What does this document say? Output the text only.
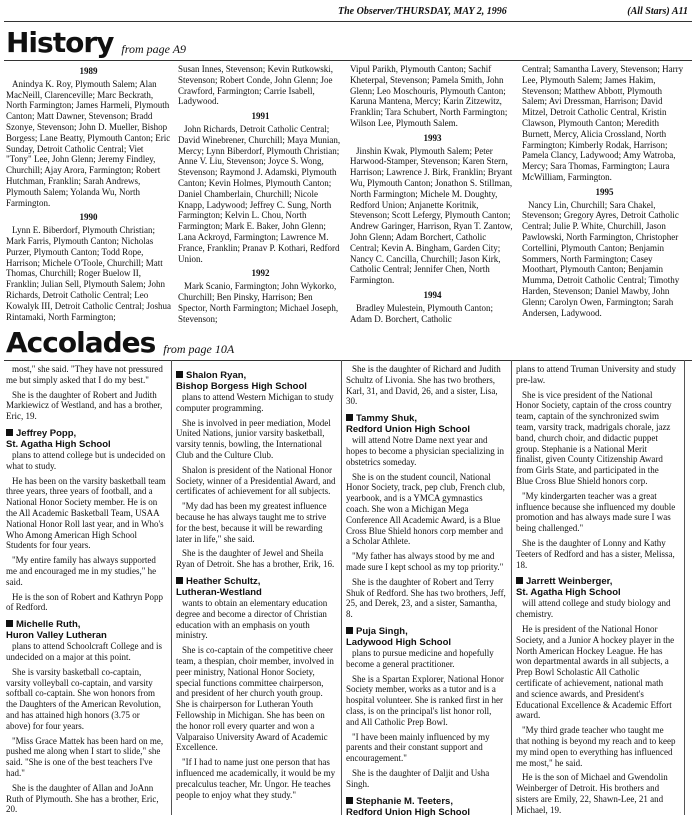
The Observer/THURSDAY, MAY 2, 1996	(All Stars) A11
History from page A9
1989

Anindya K. Roy, Plymouth Salem; Alan MacNeill, Clarenceville; Marc Beckrath, North Farmington; James Harmeli, Plymouth Canton; Matt Dawner, Stevenson; Bradd Szonye, Stevenson; John D. Mueller, Bishop Borgess; Lane Beatty, Plymouth Canton; Eric Sunday, Detroit Catholic Central; Viet "Tony" Lee, John Glenn; Jeremy Findley, Churchill; Ajay Arora, Farmington; Robert Hutchman, Franklin; Sarah Andrews, Plymouth Salem; Yolanda Wu, North Farmington.

1990

Lynn E. Biberdorf, Plymouth Christian; Mark Farris, Plymouth Canton; Nicholas Purzer, Plymouth Canton; Todd Rope, Harrison; Michele O'Toole, Churchill; Matt Thomas, Churchill; Roger Buelow II, Franklin; Julian Sell, Plymouth Salem; John Richards, Detroit Catholic Central; Leo Kowalyk III, Detroit Catholic Central; Joshua Rintamaki, North Farmington;

Susan Innes, Stevenson; Kevin Rutkowski, Stevenson; Robert Conde, John Glenn; Joe Crawford, Farmington; Carrie Isabell, Ladywood.

1991

John Richards, Detroit Catholic Central; David Winebrener, Churchill; Maya Munian, Mercy; Lynn Biberdorf, Plymouth Christian; Anne V. Liu, Stevenson; Joyce S. Wong, Stevenson; Raymond J. Adamski, Plymouth Canton; Kevin Holmes, Plymouth Canton; Daniel Chamberlain, Churchill; Nicole Knapp, Ladywood; Jeffrey C. Sung, North Farmington; Kelvin L. Chou, North Farmington; Mark E. Baker, John Glenn; Lana Ackroyd, Farmington; Lawrence M. France, Franklin; Pranav P. Kothari, Redford Union.

1992

Mark Scanio, Farmington; John Wykorko, Churchill; Ben Pinsky, Harrison; Ben Spector, North Farmington; Michael Joseph, Stevenson;

Vipul Parikh, Plymouth Canton; Sachif Kheterpal, Stevenson; Pamela Smith, John Glenn; Leo Moschouris, Plymouth Canton; Karuna Mantena, Mercy; Karin Zitzewitz, Franklin; Tara Schubert, North Farmington; Wilson Lee, Plymouth Salem.

1993

Jinshin Kwak, Plymouth Salem; Peter Harwood-Stamper, Stevenson; Karen Stern, Harrison; Lawrence J. Birk, Franklin; Bryant Wu, Plymouth Canton; Jonathon S. Stillman, North Farmington; Michele M. Doughty, Redford Union; Anjanette Koritnik, Stevenson; Scott Lefergy, Plymouth Canton; Andrew Garinger, Harrison, Ryan T. Zantow, John Glenn; Adam Borchert, Catholic Central; Kevin A. Bingham, Garden City; Nancy C. Cancilla, Churchill; Jason Kirk, Catholic Central; Jennifer Chen, North Farmington.

1994

Bradley Mulestein, Plymouth Canton; Adam D. Borchert, Catholic

Central; Samantha Lavery, Stevenson; Harry Lee, Plymouth Salem; James Hakim, Stevenson; Matthew Abbott, Plymouth Salem; Avi Dressman, Harrison; David Mitzel, Detroit Catholic Central, Kristin Clawson, Plymouth Canton; Meredith Burnett, Mercy, Alicia Crossland, North Farmington; Kimberly Rodak, Harrison; Pamela Clancy, Ladywood; Amy Watroba, Mercy; Sara Thomas, Farmington; Laura McWilliam, Farmington.

1995

Nancy Lin, Churchill; Sara Chakel, Stevenson; Gregory Ayres, Detroit Catholic Central; Julie P. White, Churchill, Jason Pawlowski, North Farmington, Christopher Cortellini, Plymouth Canton; Benjamin Sommers, North Farmington; Casey Moothart, Plymouth Canton; Benjamin Mumma, Detroit Catholic Central; Timothy Harden, Stevenson; Daniel Mawby, John Glenn; Carolyn Owen, Farmington; Sarah Andersen, Ladywood.

Accolades from page 10A

most," she said. "They have not pressured me but simply asked that I do my best."

She is the daughter of Robert and Judith Markiewicz of Westland, and has a brother, Eric, 19.

Jeffrey Popp,
St. Agatha High School

plans to attend college but is undecided on what to study.

He has been on the varsity basketball team three years, three years of football, and a National Honor Society member. He is on the All Academic Basketball Team, USAA National Honor Roll last year, and in Who's Who Among American High School Students for four years.

"My entire family has always supported me and encouraged me in my studies," he said.

He is the son of Robert and Kathryn Popp of Redford.

Michelle Ruth,
Huron Valley Lutheran

plans to attend Schoolcraft College and is undecided on a major at this point.

She is varsity basketball co-captain, varsity volleyball co-captain, and varsity softball co-captain. She won honors from the Daughters of the American Revolution, and has attained high honors (3.75 or above) for four years.

"Miss Grace Mattek has been hard on me, pushed me along when I start to slide," she said. "She is one of the best teachers I've had."

She is the daughter of Allan and JoAnn Ruth of Plymouth. She has a brother, Eric, 20.

Shalon Ryan,
Bishop Borgess High School

plans to attend Western Michigan to study computer programming.

She is involved in peer mediation, Model United Nations, junior varsity basketball, varsity tennis, bowling, the International Club and the Culture Club.

Shalon is president of the National Honor Society, winner of a Presidential Award, and certificates of achievement for all subjects.

"My dad has been my greatest influence because he has always taught me to strive for the best, because it will be rewarding later in life," she said.

She is the daughter of Jewel and Sheila Ryan of Detroit. She has a brother, Erik, 16.

Heather Schultz,
Lutheran-Westland

wants to obtain an elementary education degree and become a director of Christian education with an emphasis on youth ministry.

She is co-captain of the competitive cheer team, a thespian, choir member, involved in peer ministry, National Honor Society, special functions committee chairperson, and president of her church youth group. She is chairperson for Lutheran Youth Fellowship in Michigan. She has been on the honor roll every quarter and won a Valparaiso University Award of Academic Excellence.

"If I had to name just one person that has influenced me academically, it would be my precalculus teacher, Mr. Ungor. He teaches people to enjoy what they study."

She is the daughter of Richard and Judith Schultz of Livonia. She has two brothers, Karl, 31, and David, 26, and a sister, Lisa, 30.

Tammy Shuk,
Redford Union High School

will attend Notre Dame next year and hopes to become a physician specializing in obstetrics someday.

She is on the student council, National Honor Society, track, pep club, French club, yearbook, and is a YMCA gymnastics coach. She won a Michigan Mega Conference All Academic Award, is a Blue Cross Blue Shield honors corp member and a Scholar Athlete.

"My father has always stood by me and made sure I kept school as my top priority."

She is the daughter of Robert and Terry Shuk of Redford. She has two brothers, Jeff, 25, and Derek, 23, and a sister, Samantha, 8.

Puja Singh,
Ladywood High School

plans to pursue medicine and hopefully become a general practitioner.

She is a Spartan Explorer, National Honor Society member, works as a tutor and is a hospital volunteer. She is ranked first in her class, is on the principal's list honor roll, and All Catholic Prep Bowl.

"I have been mainly influenced by my parents and their constant support and encouragement."

She is the daughter of Daljit and Usha Singh.

Stephanie M. Teeters,
Redford Union High School

plans to attend Truman University and study pre-law.

She is vice president of the National Honor Society, captain of the cross country team, captain of the synchronized swim team, varsity track, madrigals chorale, jazz band, church choir, and didactic puppet group. Stephanie is a National Merit finalist, given County Citizenship Award from Girls State, and participated in the Blue Cross Blue Shield honors corp.

"My kindergarten teacher was a great influence because she influenced my double promotion and has always made sure I was being challenged."

She is the daughter of Lonny and Kathy Teeters of Redford and has a sister, Melissa, 18.

Jarrett Weinberger,
St. Agatha High School

will attend college and study biology and chemistry.

He is president of the National Honor Society, and a Junior A hockey player in the North American Hockey League. He has won departmental awards in all subjects, a Prep Bowl Scholastic All Catholic certificate of achievement, national math and science awards, and President's Educational Excellence & Academic Effort award.

"My third grade teacher who taught me that nothing is beyond my reach and to keep my mind open to everything has influenced me most," he said.

He is the son of Michael and Gwendolin Weinberger of Detroit. His brothers and sisters are Emily, 22, Shawn-Lee, 21 and Michael, 19.
